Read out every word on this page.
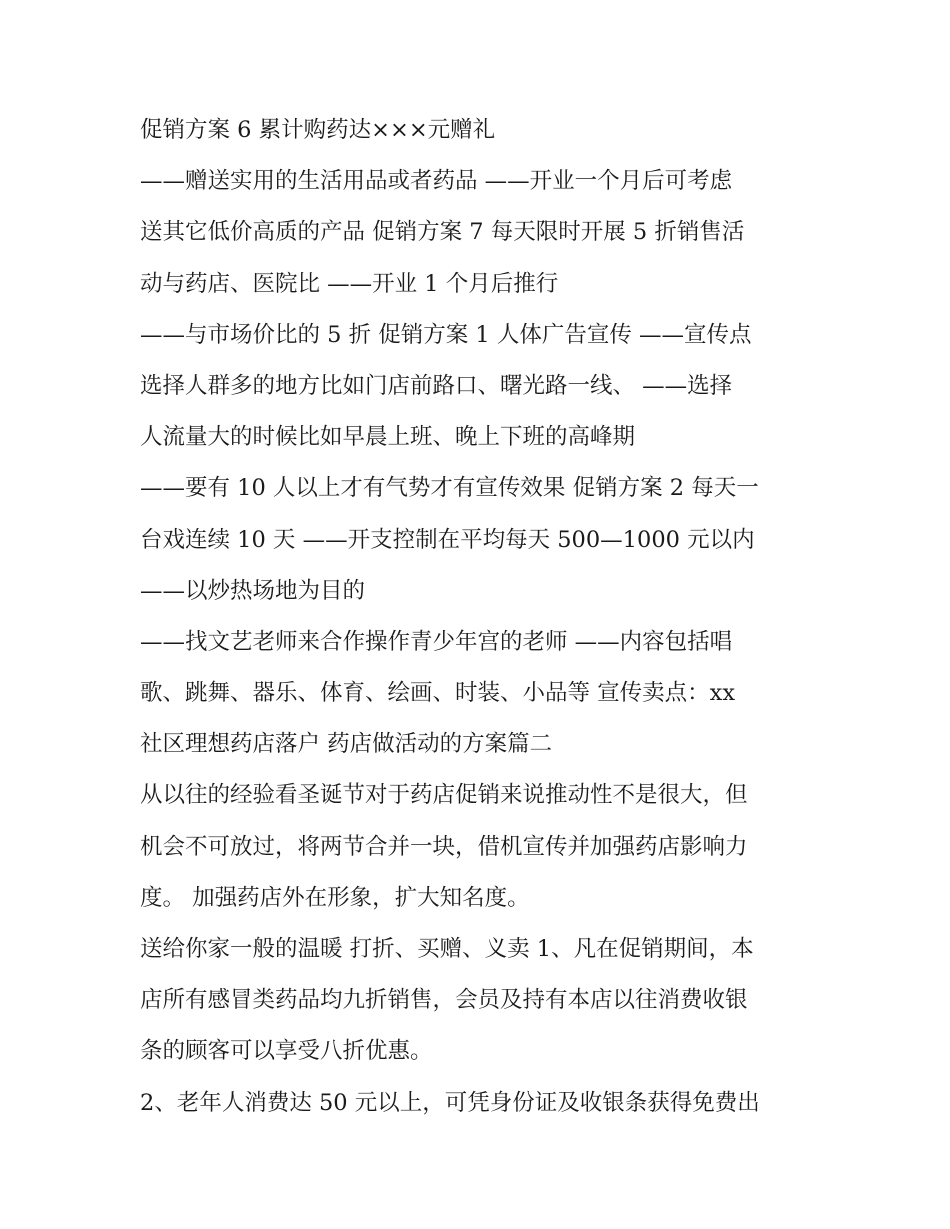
促销方案 6 累计购药达×××元赠礼
——赠送实用的生活用品或者药品 ——开业一个月后可考虑
送其它低价高质的产品 促销方案 7 每天限时开展 5 折销售活
动与药店、医院比 ——开业 1 个月后推行
——与市场价比的 5 折 促销方案 1 人体广告宣传 ——宣传点
选择人群多的地方比如门店前路口、曙光路一线、 ——选择
人流量大的时候比如早晨上班、晚上下班的高峰期
——要有 10 人以上才有气势才有宣传效果 促销方案 2 每天一
台戏连续 10 天 ——开支控制在平均每天 500—1000 元以内
——以炒热场地为目的
——找文艺老师来合作操作青少年宫的老师 ——内容包括唱
歌、跳舞、器乐、体育、绘画、时装、小品等 宣传卖点：xx
社区理想药店落户 药店做活动的方案篇二
从以往的经验看圣诞节对于药店促销来说推动性不是很大，但
机会不可放过，将两节合并一块，借机宣传并加强药店影响力
度。 加强药店外在形象，扩大知名度。
送给你家一般的温暖 打折、买赠、义卖 1、凡在促销期间，本
店所有感冒类药品均九折销售，会员及持有本店以往消费收银
条的顾客可以享受八折优惠。
2、老年人消费达 50 元以上，可凭身份证及收银条获得免费出
